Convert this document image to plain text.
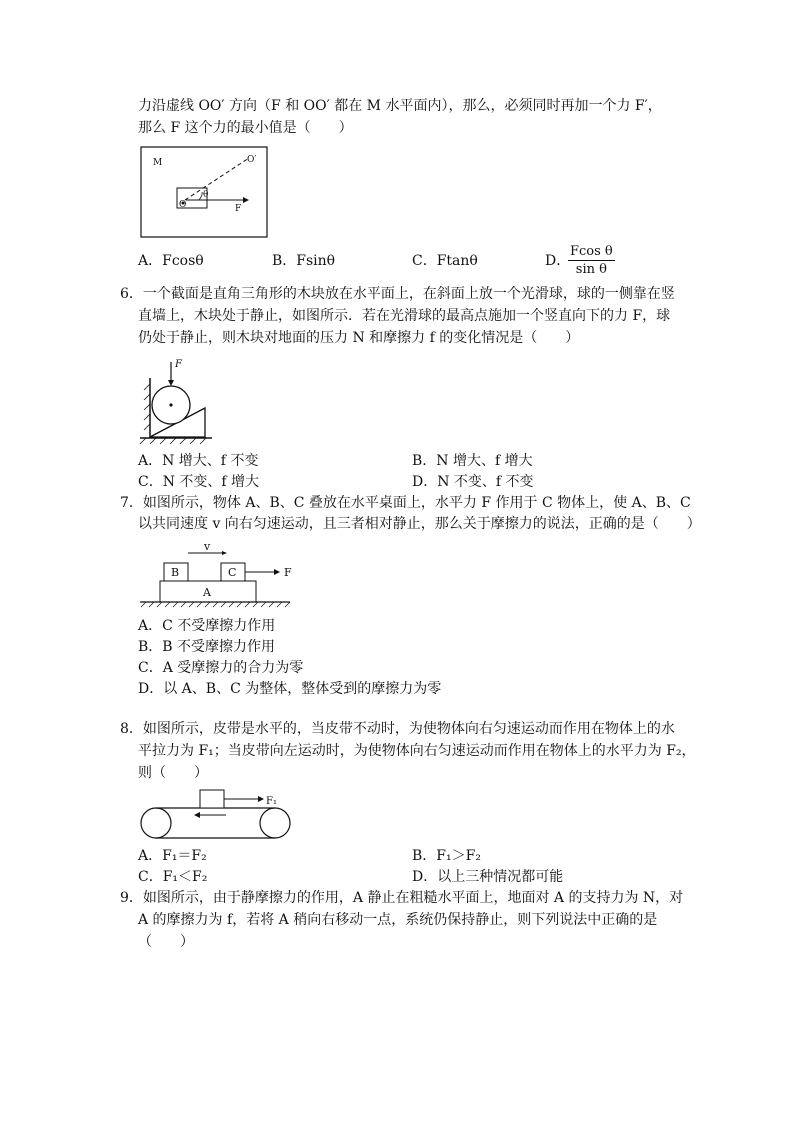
力沿虚线 OO′ 方向（F 和 OO′ 都在 M 水平面内），那么，必须同时再加一个力 F′，
那么 F 这个力的最小值是（　　）
M
O
O′
θ
F
A．Fcosθ	B．Fsinθ	C．Ftanθ	D．
$\frac{\text{Fcos θ}}{\text{sin θ}}$
6．一个截面是直角三角形的木块放在水平面上，在斜面上放一个光滑球，球的一侧靠在竖
直墙上，木块处于静止，如图所示．若在光滑球的最高点施加一个竖直向下的力 F，球
仍处于静止，则木块对地面的压力 N 和摩擦力 f 的变化情况是（　　）
F
A．N 增大、f 不变	B．N 增大、f 增大
C．N 不变、f 增大	D．N 不变、f 不变
7．如图所示，物体 A、B、C 叠放在水平桌面上，水平力 F 作用于 C 物体上，使 A、B、C
以共同速度 v 向右匀速运动，且三者相对静止，那么关于摩擦力的说法，正确的是（　　）
v
B	C	F
A
A．C 不受摩擦力作用
B．B 不受摩擦力作用
C．A 受摩擦力的合力为零
D．以 A、B、C 为整体，整体受到的摩擦力为零
8．如图所示，皮带是水平的，当皮带不动时，为使物体向右匀速运动而作用在物体上的水
平拉力为 F₁；当皮带向左运动时，为使物体向右匀速运动而作用在物体上的水平力为 F₂，
则（　　）
F₁
A．F₁＝F₂	B．F₁＞F₂
C．F₁＜F₂	D．以上三种情况都可能
9．如图所示，由于静摩擦力的作用，A 静止在粗糙水平面上，地面对 A 的支持力为 N，对
A 的摩擦力为 f，若将 A 稍向右移动一点，系统仍保持静止，则下列说法中正确的是
（　　）
